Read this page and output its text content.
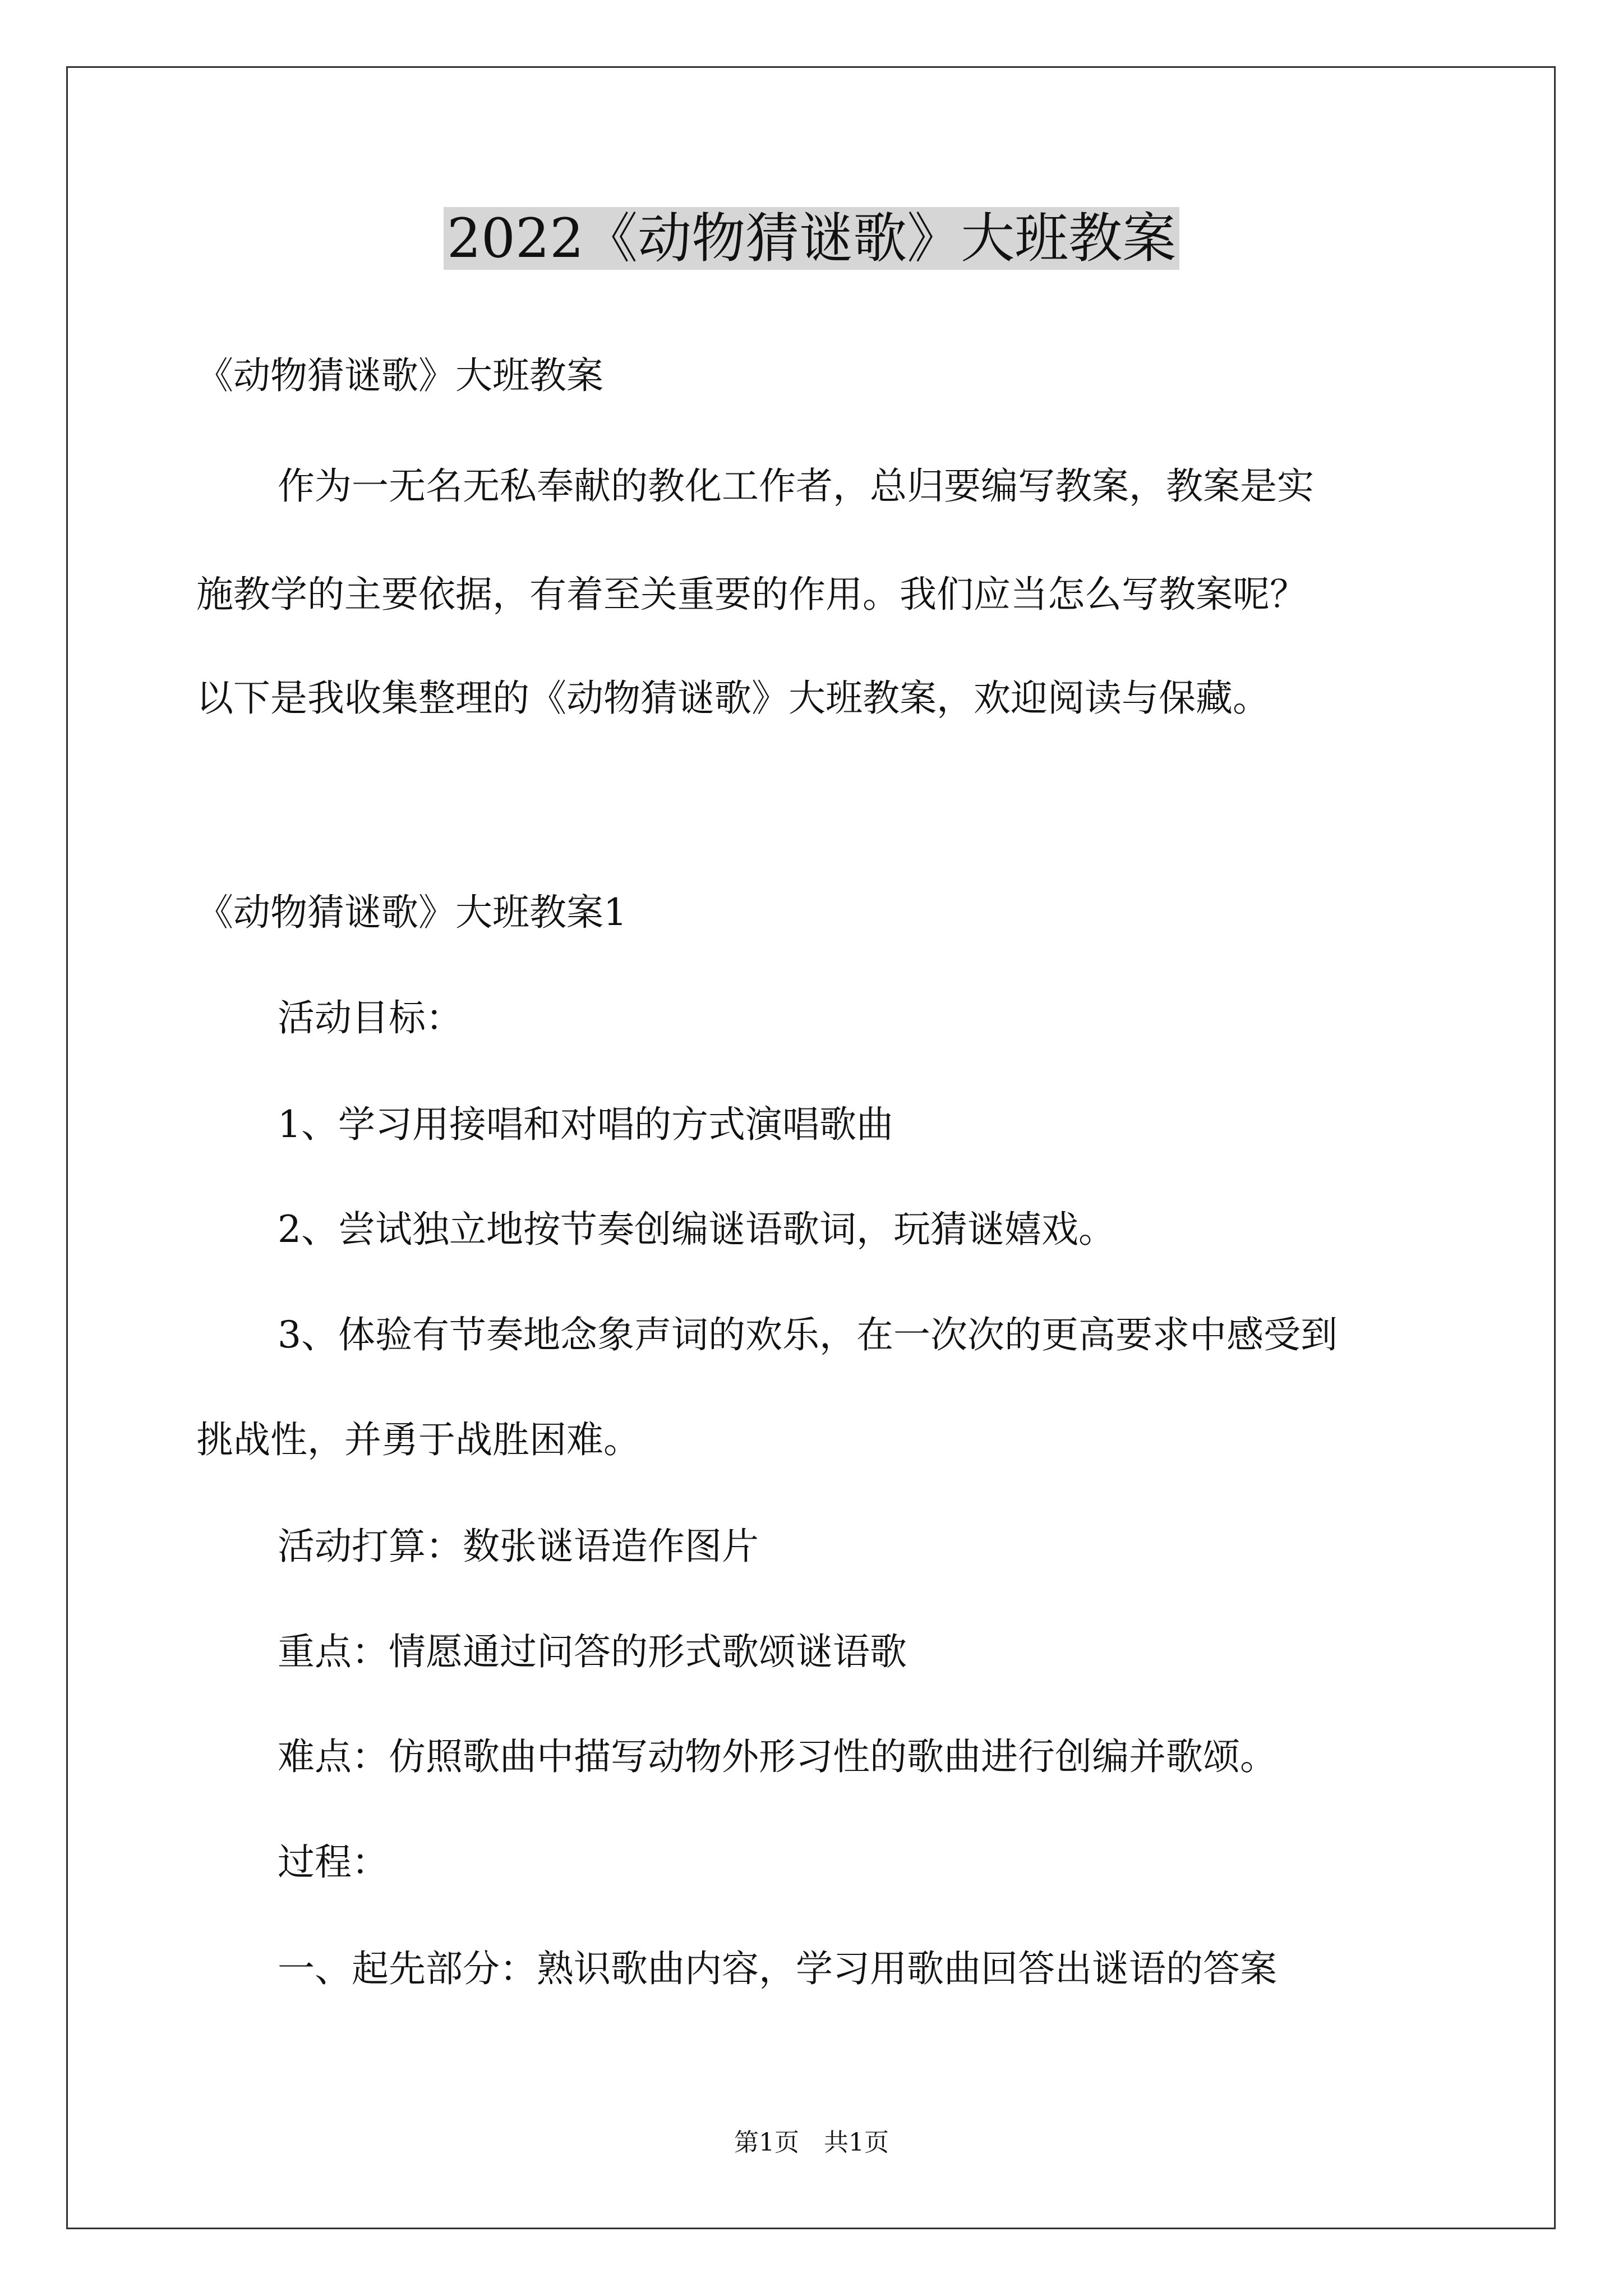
2022《动物猜谜歌》大班教案
《动物猜谜歌》大班教案
作为一无名无私奉献的教化工作者，总归要编写教案，教案是实
施教学的主要依据，有着至关重要的作用。我们应当怎么写教案呢？
以下是我收集整理的《动物猜谜歌》大班教案，欢迎阅读与保藏。
《动物猜谜歌》大班教案1
活动目标：
1、学习用接唱和对唱的方式演唱歌曲
2、尝试独立地按节奏创编谜语歌词，玩猜谜嬉戏。
3、体验有节奏地念象声词的欢乐，在一次次的更高要求中感受到
挑战性，并勇于战胜困难。
活动打算：数张谜语造作图片
重点：情愿通过问答的形式歌颂谜语歌
难点：仿照歌曲中描写动物外形习性的歌曲进行创编并歌颂。
过程：
一、起先部分：熟识歌曲内容，学习用歌曲回答出谜语的答案
第1页　共1页
